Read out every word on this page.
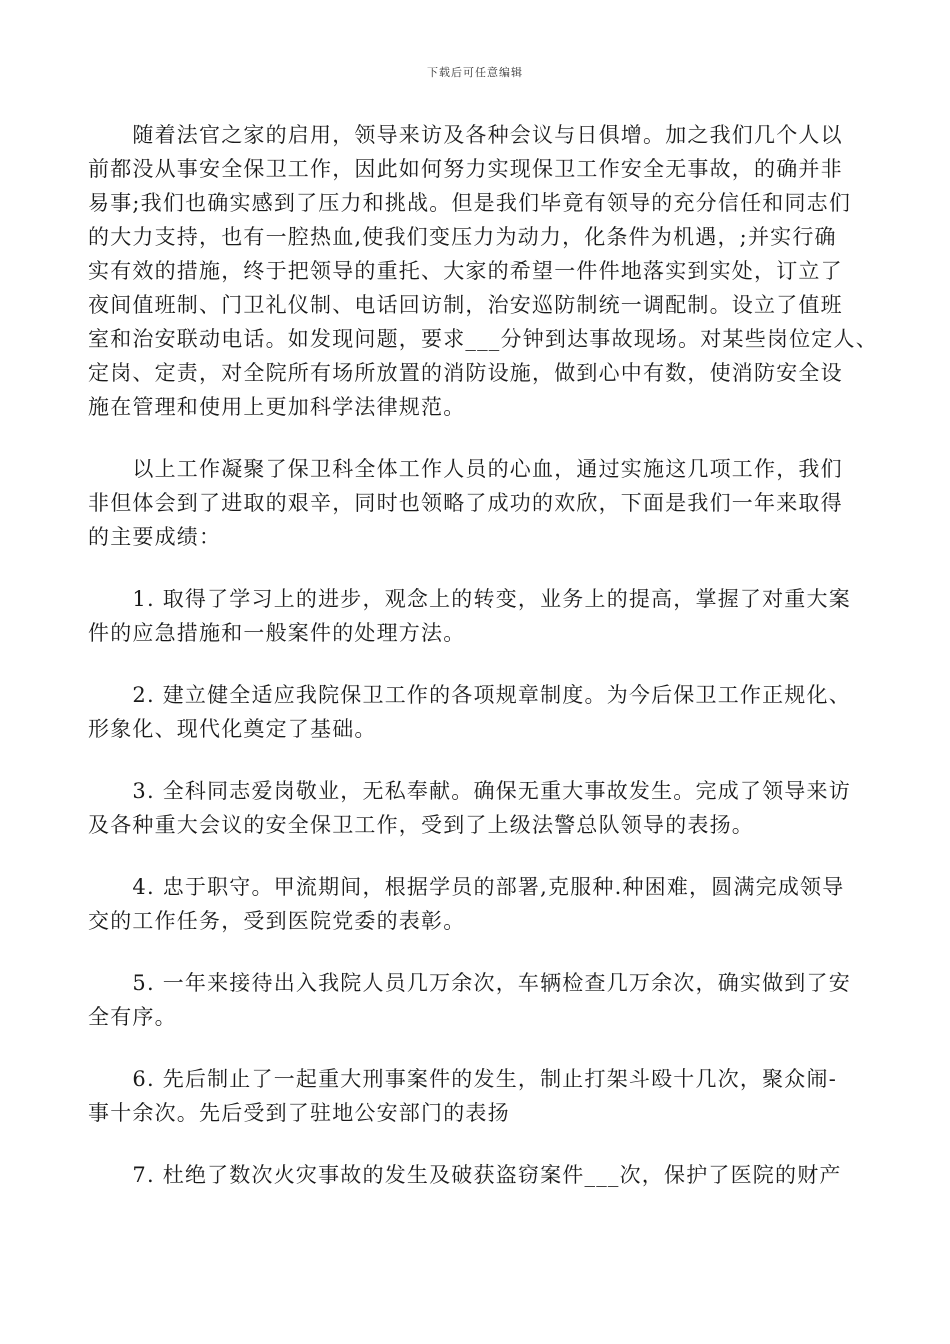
下载后可任意编辑
　　随着法官之家的启用，领导来访及各种会议与日俱增。加之我们几个人以
前都没从事安全保卫工作，因此如何努力实现保卫工作安全无事故，的确并非
易事;我们也确实感到了压力和挑战。但是我们毕竟有领导的充分信任和同志们
的大力支持，也有一腔热血,使我们变压力为动力，化条件为机遇，;并实行确
实有效的措施，终于把领导的重托、大家的希望一件件地落实到实处，订立了
夜间值班制、门卫礼仪制、电话回访制，治安巡防制统一调配制。设立了值班
室和治安联动电话。如发现问题，要求___分钟到达事故现场。对某些岗位定人、
定岗、定责，对全院所有场所放置的消防设施，做到心中有数，使消防安全设
施在管理和使用上更加科学法律规范。
　　以上工作凝聚了保卫科全体工作人员的心血，通过实施这几项工作，我们
非但体会到了进取的艰辛，同时也领略了成功的欢欣，下面是我们一年来取得
的主要成绩：
　　1. 取得了学习上的进步，观念上的转变，业务上的提高，掌握了对重大案
件的应急措施和一般案件的处理方法。
　　2. 建立健全适应我院保卫工作的各项规章制度。为今后保卫工作正规化、
形象化、现代化奠定了基础。
　　3. 全科同志爱岗敬业，无私奉献。确保无重大事故发生。完成了领导来访
及各种重大会议的安全保卫工作，受到了上级法警总队领导的表扬。
　　4. 忠于职守。甲流期间，根据学员的部署,克服种.种困难，圆满完成领导
交的工作任务，受到医院党委的表彰。
　　5. 一年来接待出入我院人员几万余次，车辆检查几万余次，确实做到了安
全有序。
　　6. 先后制止了一起重大刑事案件的发生，制止打架斗殴十几次，聚众闹-
事十余次。先后受到了驻地公安部门的表扬
　　7. 杜绝了数次火灾事故的发生及破获盗窃案件___次，保护了医院的财产
